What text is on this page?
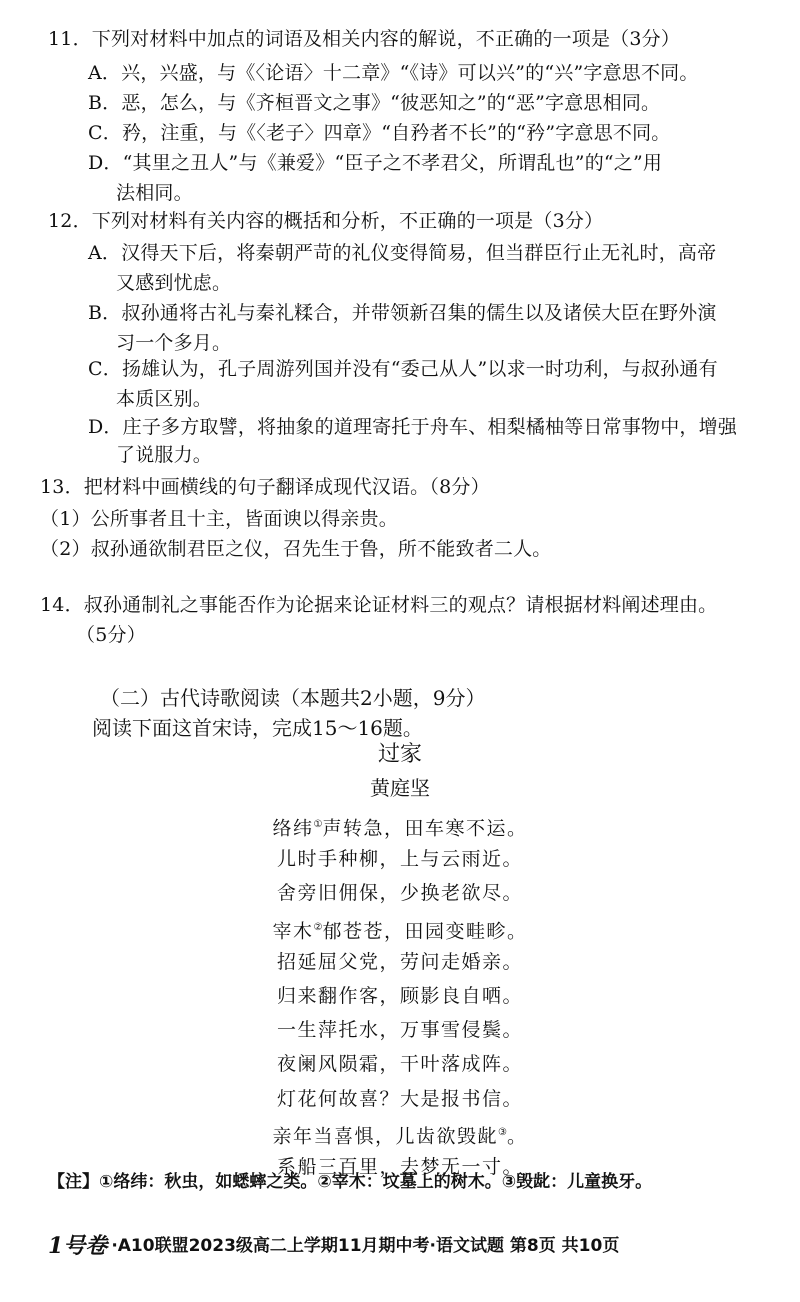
11．下列对材料中加点的词语及相关内容的解说，不正确的一项是（3分）
A．兴，兴盛，与《〈论语〉十二章》“《诗》可以兴”的“兴”字意思不同。
B．恶，怎么，与《齐桓晋文之事》“彼恶知之”的“恶”字意思相同。
C．矜，注重，与《〈老子〉四章》“自矜者不长”的“矜”字意思不同。
D．“其里之丑人”与《兼爱》“臣子之不孝君父，所谓乱也”的“之”用
法相同。
12．下列对材料有关内容的概括和分析，不正确的一项是（3分）
A．汉得天下后，将秦朝严苛的礼仪变得简易，但当群臣行止无礼时，高帝
又感到忧虑。
B．叔孙通将古礼与秦礼糅合，并带领新召集的儒生以及诸侯大臣在野外演
习一个多月。
C．扬雄认为，孔子周游列国并没有“委己从人”以求一时功利，与叔孙通有
本质区别。
D．庄子多方取譬，将抽象的道理寄托于舟车、相梨橘柚等日常事物中，增强
了说服力。
13．把材料中画横线的句子翻译成现代汉语。（8分）
（1）公所事者且十主，皆面谀以得亲贵。
（2）叔孙通欲制君臣之仪，召先生于鲁，所不能致者二人。
14．叔孙通制礼之事能否作为论据来论证材料三的观点？请根据材料阐述理由。
（5分）
（二）古代诗歌阅读（本题共2小题，9分）
阅读下面这首宋诗，完成15～16题。
过家
黄庭坚
络纬①声转急，田车寒不运。
儿时手种柳，上与云雨近。
舍旁旧佣保，少换老欲尽。
宰木②郁苍苍，田园变畦畛。
招延屈父党，劳问走婚亲。
归来翻作客，顾影良自哂。
一生萍托水，万事雪侵鬓。
夜阑风陨霜，干叶落成阵。
灯花何故喜？大是报书信。
亲年当喜惧，儿齿欲毁龀③。
系船三百里，去梦无一寸。
【注】①络纬：秋虫，如蟋蟀之类。②宰木：坟墓上的树木。③毁龀：儿童换牙。
1号卷 ·A10联盟2023级高二上学期11月期中考·语文试题 第8页 共10页
